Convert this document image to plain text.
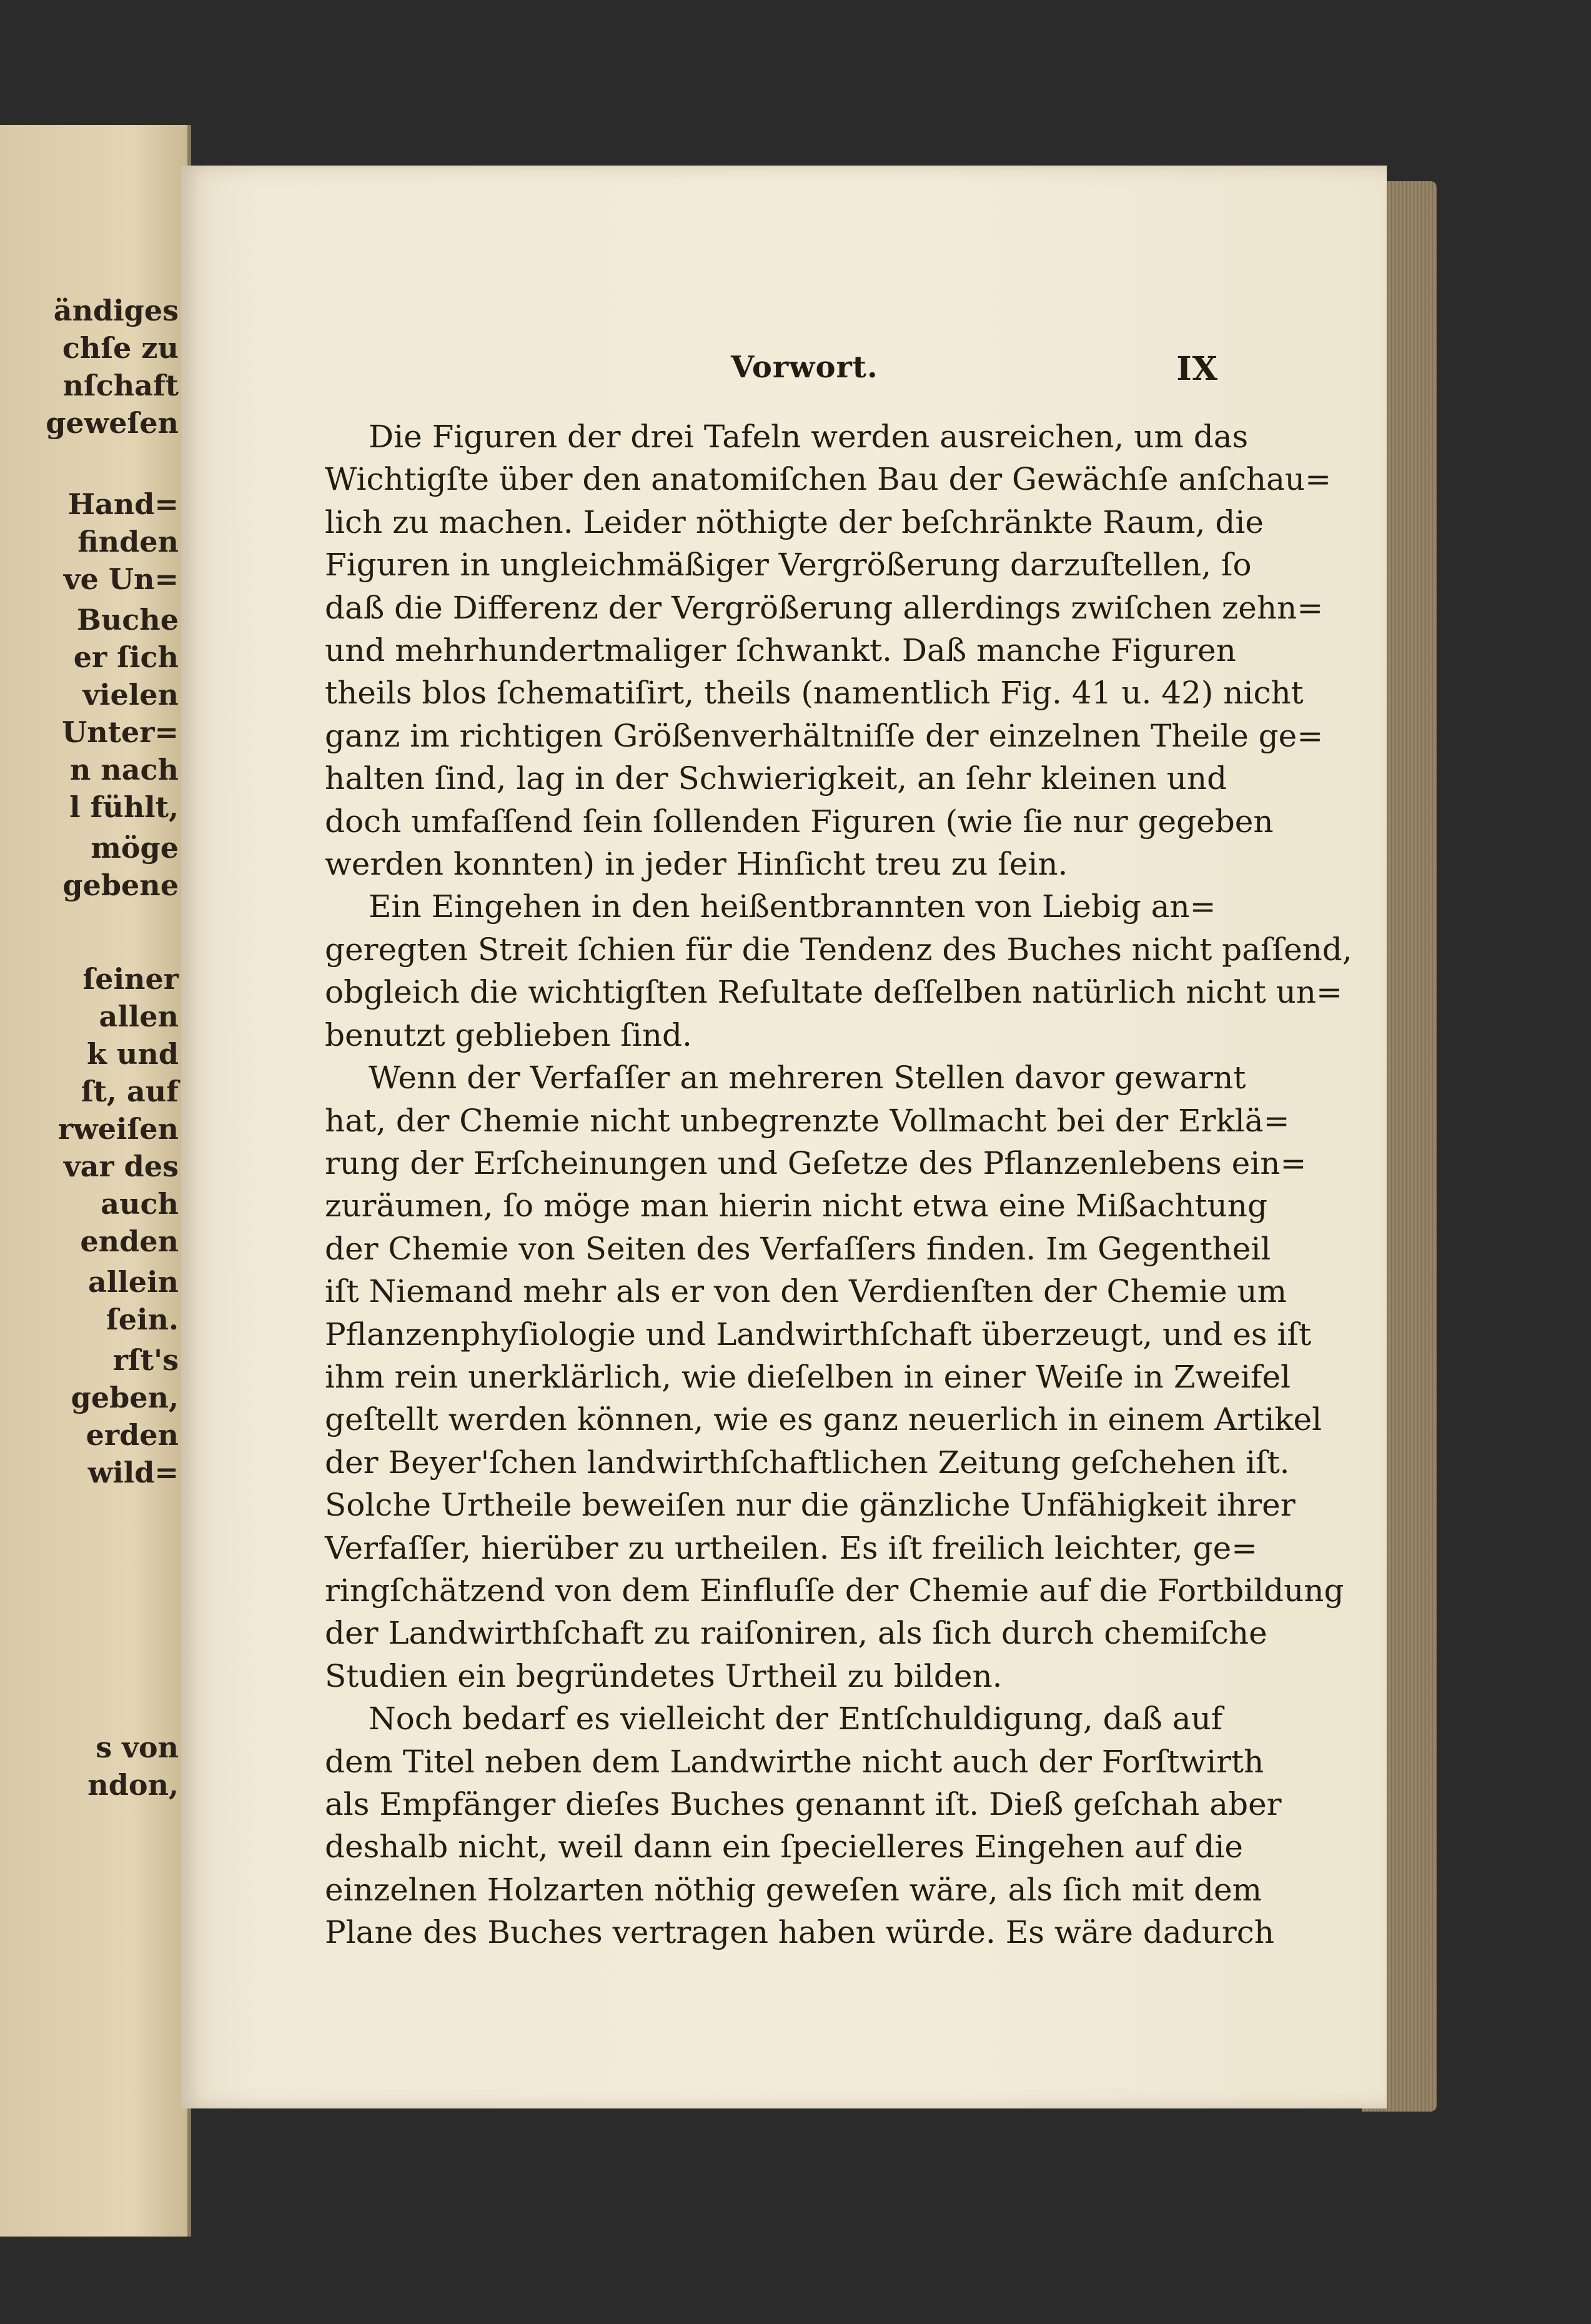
ändiges
chſe zu
nſchaft
geweſen
Hand=
finden
ve Un=
Buche
er ſich
vielen
Unter=
n nach
l fühlt,
möge
gebene
ſeiner
allen
k und
ſt, auf
rweiſen
var des
auch
enden
allein
ſein.
rſt's
geben,
erden
wild=
s von
ndon,
Vorwort.	IX
Die Figuren der drei Tafeln werden ausreichen, um das
Wichtigſte über den anatomiſchen Bau der Gewächſe anſchau=
lich zu machen. Leider nöthigte der beſchränkte Raum, die
Figuren in ungleichmäßiger Vergrößerung darzuſtellen, ſo
daß die Differenz der Vergrößerung allerdings zwiſchen zehn=
und mehrhundertmaliger ſchwankt. Daß manche Figuren
theils blos ſchematiſirt, theils (namentlich Fig. 41 u. 42) nicht
ganz im richtigen Größenverhältniſſe der einzelnen Theile ge=
halten ſind, lag in der Schwierigkeit, an ſehr kleinen und
doch umfaſſend ſein ſollenden Figuren (wie ſie nur gegeben
werden konnten) in jeder Hinſicht treu zu ſein.
Ein Eingehen in den heißentbrannten von Liebig an=
geregten Streit ſchien für die Tendenz des Buches nicht paſſend,
obgleich die wichtigſten Reſultate deſſelben natürlich nicht un=
benutzt geblieben ſind.
Wenn der Verfaſſer an mehreren Stellen davor gewarnt
hat, der Chemie nicht unbegrenzte Vollmacht bei der Erklä=
rung der Erſcheinungen und Geſetze des Pflanzenlebens ein=
zuräumen, ſo möge man hierin nicht etwa eine Mißachtung
der Chemie von Seiten des Verfaſſers finden. Im Gegentheil
iſt Niemand mehr als er von den Verdienſten der Chemie um
Pflanzenphyſiologie und Landwirthſchaft überzeugt, und es iſt
ihm rein unerklärlich, wie dieſelben in einer Weiſe in Zweifel
geſtellt werden können, wie es ganz neuerlich in einem Artikel
der Beyer'ſchen landwirthſchaftlichen Zeitung geſchehen iſt.
Solche Urtheile beweiſen nur die gänzliche Unfähigkeit ihrer
Verfaſſer, hierüber zu urtheilen. Es iſt freilich leichter, ge=
ringſchätzend von dem Einfluſſe der Chemie auf die Fortbildung
der Landwirthſchaft zu raiſoniren, als ſich durch chemiſche
Studien ein begründetes Urtheil zu bilden.
Noch bedarf es vielleicht der Entſchuldigung, daß auf
dem Titel neben dem Landwirthe nicht auch der Forſtwirth
als Empfänger dieſes Buches genannt iſt. Dieß geſchah aber
deshalb nicht, weil dann ein ſpecielleres Eingehen auf die
einzelnen Holzarten nöthig geweſen wäre, als ſich mit dem
Plane des Buches vertragen haben würde. Es wäre dadurch
